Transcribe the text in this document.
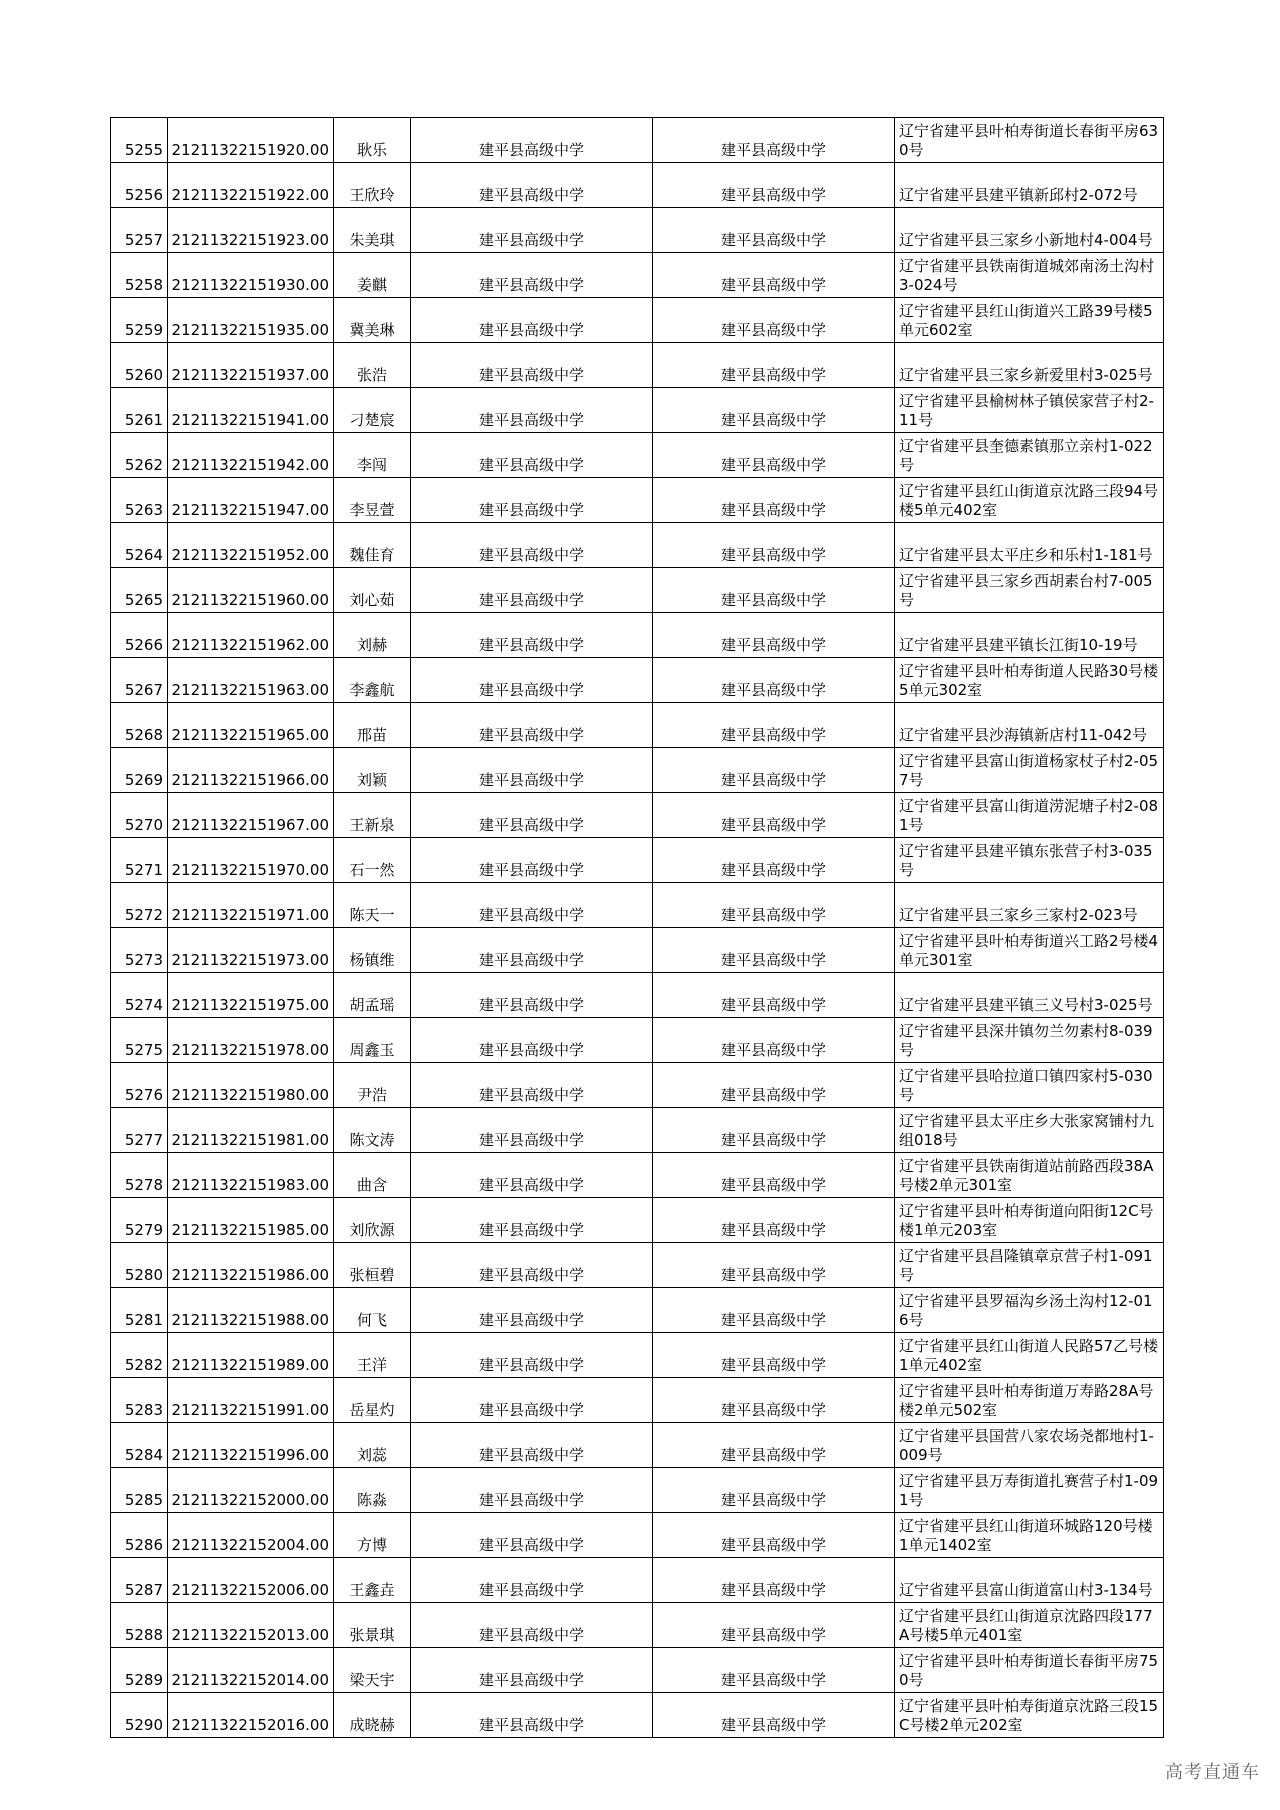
5255	21211322151920.00	耿乐	建平县高级中学	建平县高级中学	辽宁省建平县叶柏寿街道长春街平房630号
5256	21211322151922.00	王欣玲	建平县高级中学	建平县高级中学	辽宁省建平县建平镇新邱村2-072号
5257	21211322151923.00	朱美琪	建平县高级中学	建平县高级中学	辽宁省建平县三家乡小新地村4-004号
5258	21211322151930.00	姜麒	建平县高级中学	建平县高级中学	辽宁省建平县铁南街道城郊南汤土沟村3-024号
5259	21211322151935.00	冀美琳	建平县高级中学	建平县高级中学	辽宁省建平县红山街道兴工路39号楼5单元602室
5260	21211322151937.00	张浩	建平县高级中学	建平县高级中学	辽宁省建平县三家乡新爱里村3-025号
5261	21211322151941.00	刁楚宸	建平县高级中学	建平县高级中学	辽宁省建平县榆树林子镇侯家营子村2-11号
5262	21211322151942.00	李闯	建平县高级中学	建平县高级中学	辽宁省建平县奎德素镇那立亲村1-022号
5263	21211322151947.00	李昱萱	建平县高级中学	建平县高级中学	辽宁省建平县红山街道京沈路三段94号楼5单元402室
5264	21211322151952.00	魏佳育	建平县高级中学	建平县高级中学	辽宁省建平县太平庄乡和乐村1-181号
5265	21211322151960.00	刘心茹	建平县高级中学	建平县高级中学	辽宁省建平县三家乡西胡素台村7-005号
5266	21211322151962.00	刘赫	建平县高级中学	建平县高级中学	辽宁省建平县建平镇长江街10-19号
5267	21211322151963.00	李鑫航	建平县高级中学	建平县高级中学	辽宁省建平县叶柏寿街道人民路30号楼5单元302室
5268	21211322151965.00	邢苗	建平县高级中学	建平县高级中学	辽宁省建平县沙海镇新店村11-042号
5269	21211322151966.00	刘颖	建平县高级中学	建平县高级中学	辽宁省建平县富山街道杨家杖子村2-057号
5270	21211322151967.00	王新泉	建平县高级中学	建平县高级中学	辽宁省建平县富山街道涝泥塘子村2-081号
5271	21211322151970.00	石一然	建平县高级中学	建平县高级中学	辽宁省建平县建平镇东张营子村3-035号
5272	21211322151971.00	陈天一	建平县高级中学	建平县高级中学	辽宁省建平县三家乡三家村2-023号
5273	21211322151973.00	杨镇维	建平县高级中学	建平县高级中学	辽宁省建平县叶柏寿街道兴工路2号楼4单元301室
5274	21211322151975.00	胡孟瑶	建平县高级中学	建平县高级中学	辽宁省建平县建平镇三义号村3-025号
5275	21211322151978.00	周鑫玉	建平县高级中学	建平县高级中学	辽宁省建平县深井镇勿兰勿素村8-039号
5276	21211322151980.00	尹浩	建平县高级中学	建平县高级中学	辽宁省建平县哈拉道口镇四家村5-030号
5277	21211322151981.00	陈文涛	建平县高级中学	建平县高级中学	辽宁省建平县太平庄乡大张家窝铺村九组018号
5278	21211322151983.00	曲含	建平县高级中学	建平县高级中学	辽宁省建平县铁南街道站前路西段38A号楼2单元301室
5279	21211322151985.00	刘欣源	建平县高级中学	建平县高级中学	辽宁省建平县叶柏寿街道向阳街12C号楼1单元203室
5280	21211322151986.00	张桓碧	建平县高级中学	建平县高级中学	辽宁省建平县昌隆镇章京营子村1-091号
5281	21211322151988.00	何飞	建平县高级中学	建平县高级中学	辽宁省建平县罗福沟乡汤土沟村12-016号
5282	21211322151989.00	王洋	建平县高级中学	建平县高级中学	辽宁省建平县红山街道人民路57乙号楼1单元402室
5283	21211322151991.00	岳星灼	建平县高级中学	建平县高级中学	辽宁省建平县叶柏寿街道万寿路28A号楼2单元502室
5284	21211322151996.00	刘蕊	建平县高级中学	建平县高级中学	辽宁省建平县国营八家农场尧都地村1-009号
5285	21211322152000.00	陈淼	建平县高级中学	建平县高级中学	辽宁省建平县万寿街道扎赛营子村1-091号
5286	21211322152004.00	方博	建平县高级中学	建平县高级中学	辽宁省建平县红山街道环城路120号楼1单元1402室
5287	21211322152006.00	王鑫垚	建平县高级中学	建平县高级中学	辽宁省建平县富山街道富山村3-134号
5288	21211322152013.00	张景琪	建平县高级中学	建平县高级中学	辽宁省建平县红山街道京沈路四段177A号楼5单元401室
5289	21211322152014.00	梁天宇	建平县高级中学	建平县高级中学	辽宁省建平县叶柏寿街道长春街平房750号
5290	21211322152016.00	成晓赫	建平县高级中学	建平县高级中学	辽宁省建平县叶柏寿街道京沈路三段15C号楼2单元202室
高考直通车
